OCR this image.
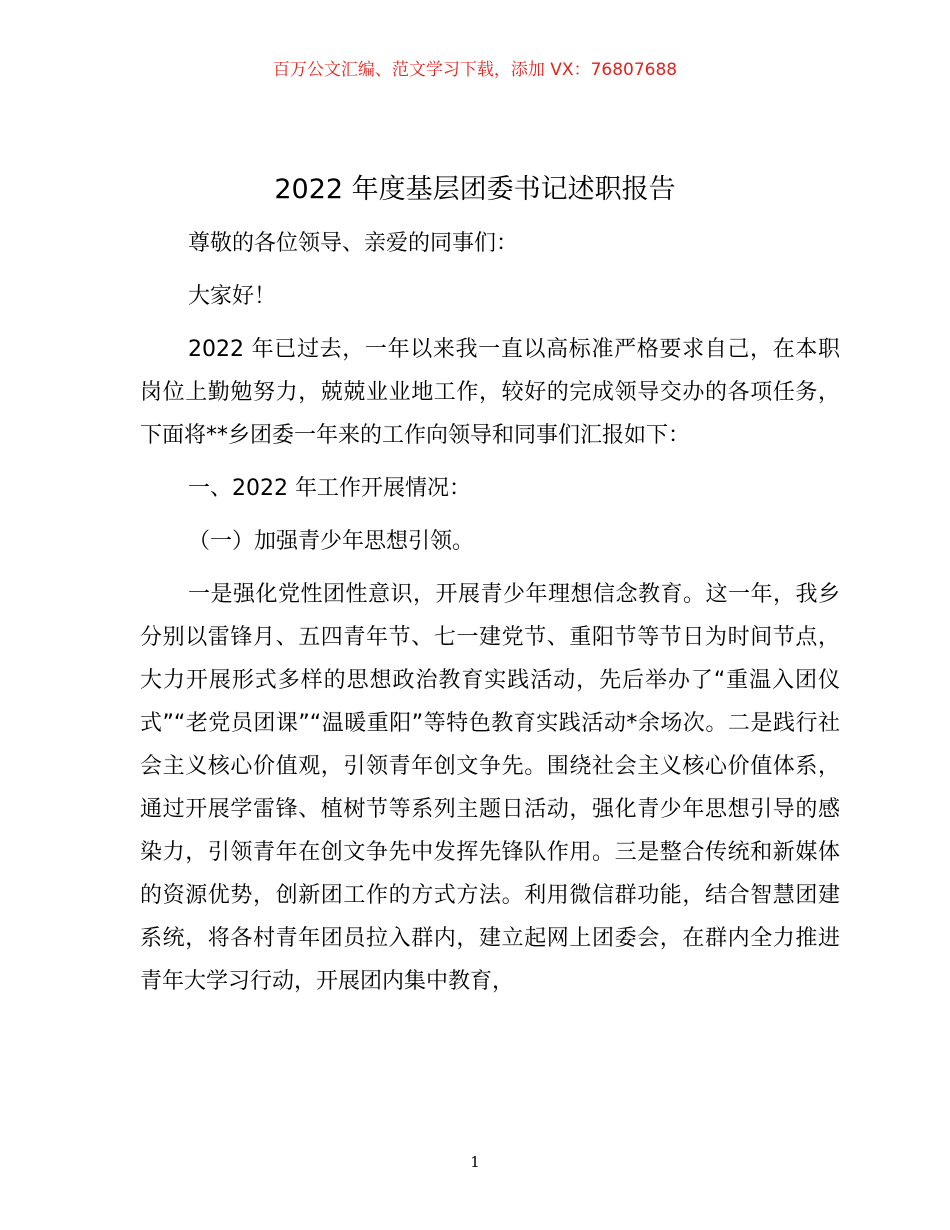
百万公文汇编、范文学习下载，添加 VX：76807688
2022 年度基层团委书记述职报告

尊敬的各位领导、亲爱的同事们：

大家好！

2022 年已过去，一年以来我一直以高标准严格要求自己，在本职岗位上勤勉努力，兢兢业业地工作，较好的完成领导交办的各项任务，下面将**乡团委一年来的工作向领导和同事们汇报如下：

一、2022 年工作开展情况：

（一）加强青少年思想引领。

一是强化党性团性意识，开展青少年理想信念教育。这一年，我乡分别以雷锋月、五四青年节、七一建党节、重阳节等节日为时间节点，大力开展形式多样的思想政治教育实践活动，先后举办了“重温入团仪式”“老党员团课”“温暖重阳”等特色教育实践活动*余场次。二是践行社会主义核心价值观，引领青年创文争先。围绕社会主义核心价值体系，通过开展学雷锋、植树节等系列主题日活动，强化青少年思想引导的感染力，引领青年在创文争先中发挥先锋队作用。三是整合传统和新媒体的资源优势，创新团工作的方式方法。利用微信群功能，结合智慧团建系统，将各村青年团员拉入群内，建立起网上团委会，在群内全力推进青年大学习行动，开展团内集中教育，

1
